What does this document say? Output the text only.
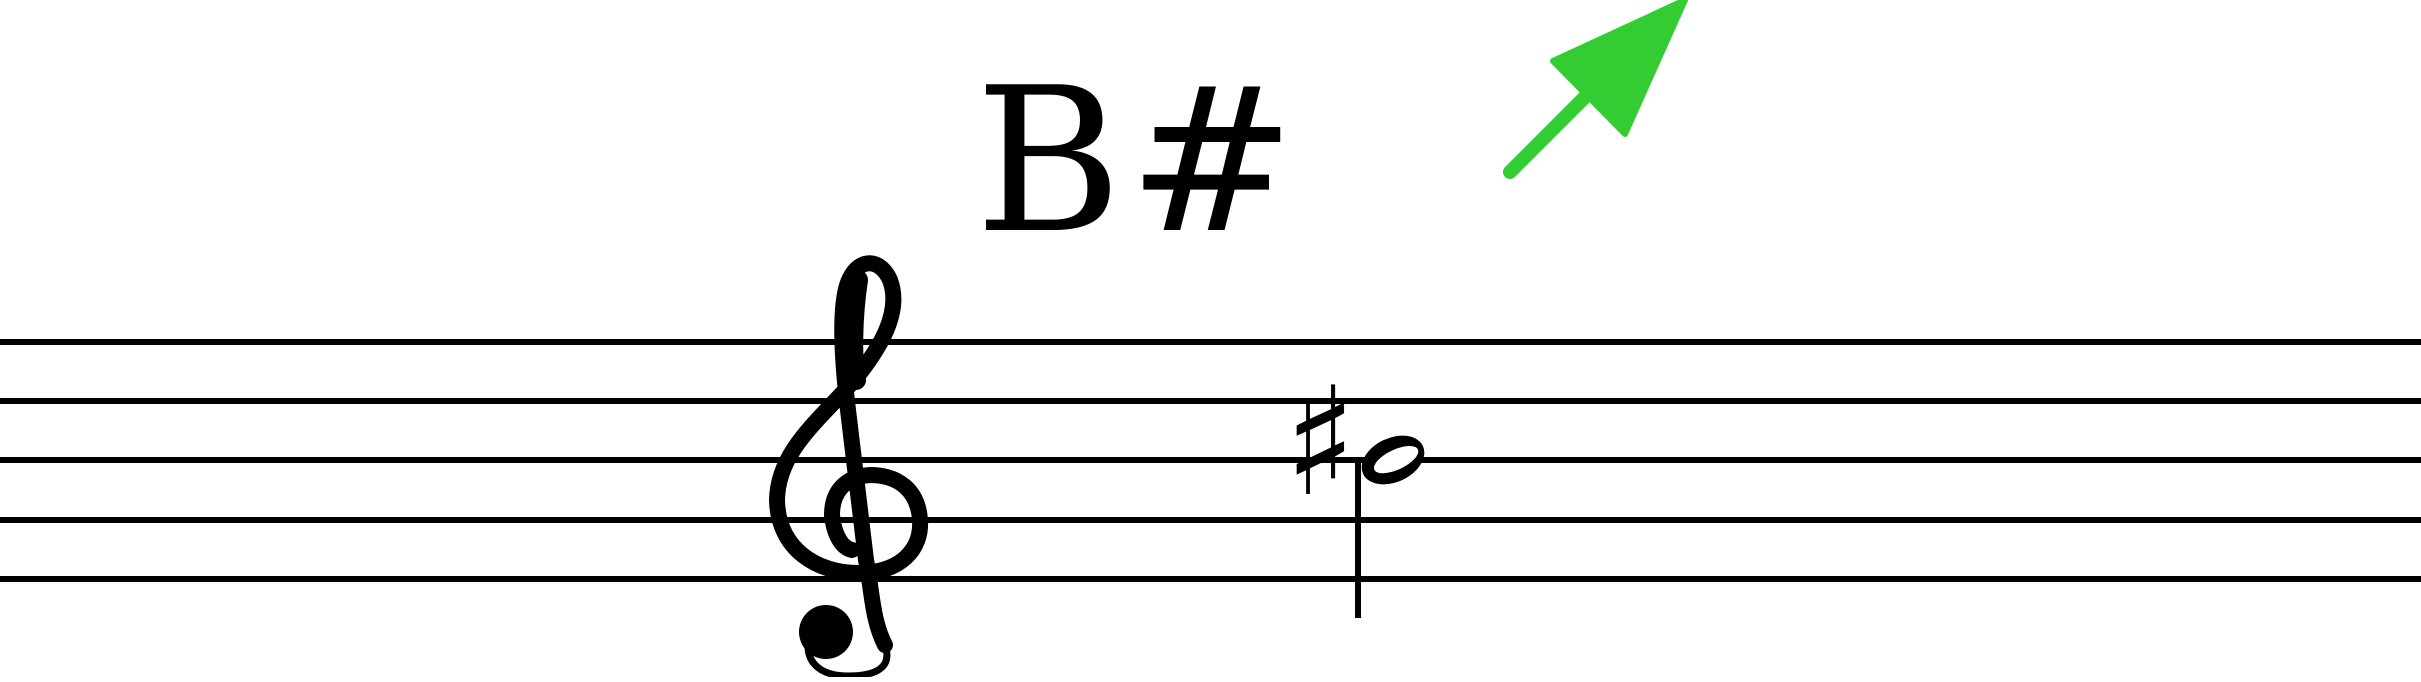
B#
♯
